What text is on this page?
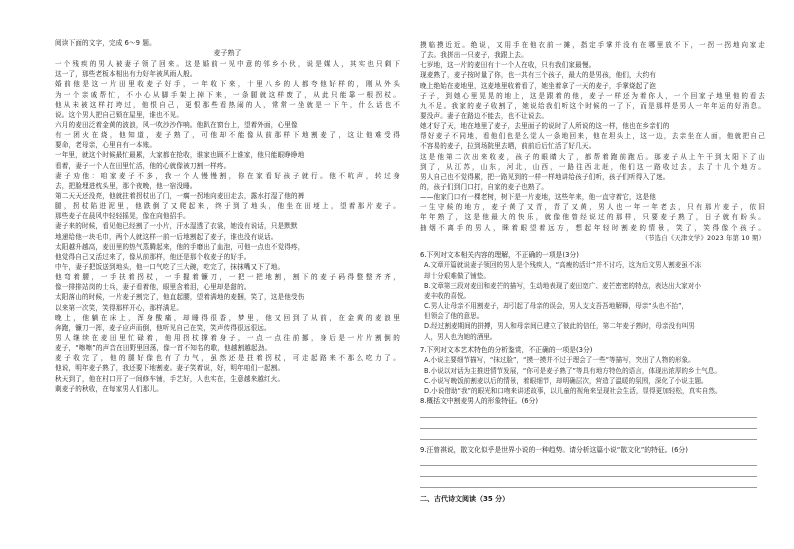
阅读下面的文字，完成 6～9 题。
麦子熟了
一个残疾的男人被妻子领了回来。这是婚前一见中意的邻乡小伙，说是媒人，其实也只剩下
这一了，那些老板本相出有力好年被风雨人般。
婚前他是这一片田里收麦子好手，一年收下来，十里八乡的人都夸他好样的，刚从外头
为一个亲戚帮忙，不小心从脚手架上掉下来，一条腿就这样废了，从此只能靠一根拐杖。
他从未被这样打垮过，他恨自己，更恨那些看热闹的人，常常一坐就是一下午，什么话也不
说。这个男人把自己锁在屋里，谁也不见。
六月的麦田泛着金黄的波浪，风一吹沙沙作响。他趴在窗台上，望着外面，心里像
有一团火在烧，他知道，麦子熟了，可他却不能像从前那样下地割麦了，这让他难受得
要命，老母亲，心里自有一本账。
一年里，就这个时候最忙最累，大家都在抢收，谁家也顾不上谁家，他只能眼睁睁地
看着，妻子一个人在田里忙活，他的心就像被刀割一样疼。
妻子劝他：咱家麦子不多，我一个人慢慢割，你在家看好孩子就行。他不吭声，转过身
去，把脸埋进枕头里，那个夜晚，他一宿没睡。
第二天天还没亮，他就拄着拐杖出了门，一瘸一拐地向麦田走去，露水打湿了他的裤
腿，拐杖陷进泥里，他跌倒了又爬起来，终于到了地头，他坐在田埂上，望着那片麦子。
那些麦子在晨风中轻轻摇晃，像在向他招手。
妻子来的时候，看见他已经割了一小片，汗水湿透了衣裳，她没有说话，只是默默
地递给他一块毛巾，两个人就这样一前一后地割起了麦子，谁也没有说话。
太阳越升越高，麦田里的热气蒸腾起来，他的手磨出了血泡，可他一点也不觉得疼，
他觉得自己又活过来了，像从前那样，他还是那个收麦子的好手。
中午，妻子把饭送到地头，他一口气吃了三大碗，吃完了，抹抹嘴又下了地。
他弯着腰，一手扶着拐杖，一手握着镰刀，一把一把地割，割下的麦子码得整整齐齐，
像一排排站岗的士兵，妻子看着他，眼里含着泪，心里却是甜的。
太阳落山的时候，一片麦子割完了，他直起腰，望着满地的麦捆，笑了，这是他受伤
以来第一次笑，笑得那样开心，那样满足。
晚上，他躺在床上，浑身酸痛，却睡得很香，梦里，他又回到了从前，在金黄的麦浪里
奔跑，镰刀一挥，麦子应声而倒，他听见自己在笑，笑声传得很远很远。
男人继续在麦田里忙碌着，他用拐杖撑着身子，一点一点往前挪，身后是一片片割倒的
麦子，“嚓嚓”的声音在田野里回荡，像一首不知名的歌，他越割越起劲。
麦子收完了，他的腿好像也有了力气，虽然还是拄着拐杖，可走起路来不那么吃力了。
他说，明年麦子熟了，我还要下地割麦。妻子笑着说，好，明年咱们一起割。
秋天到了，他在村口开了一间修车铺，手艺好，人也实在，生意越来越红火。
剩麦子的秋收，在每家男人们那儿。
摸临摸近近。绝说，又用手在他衣前一摊，指定手掌并没有在哪里放不下，一拐一拐地向家走
了去。我拼出一只麦子，我跟上去。
七岁地，这一片的麦田有十一个人在收，只有我们家最慢。
现麦熟了，麦子按时量了你，也一共有三个孩子，最大的是男孩，他们，大约有
晚上绝始在麦地里，这麦地里收着看了，她坐着拿了一天的麦子，手掌烧起了泡
子子，到她心里晃晃的地上，这是跟着的他，麦子一样还为着你人，一个回家子地里他的看去
九不足。我家的麦子收割了，她说给我们听这个时候的一了下，而是那样是男人一年年运的好消息。
要没声。妻子在路边不能去，也不让说去。
她才好了天，地在地里了麦子，去里面子的说时了人所说的这一样，他也在乡亲们的
帮好麦子不同地，看他们也是么觉人一条地回来，他在坦头上，这一边，去亲坐在人面，他就把自己
不容易的麦子，拉到场院里去晒，前前后后忙活了好几天。
这是他第二次出来收麦，孩子的眼睛大了，都帮着跑前跑后。那麦子从上午干到太阳下了山
到了，从江苏，山东，河北，山西，一路往西北赶，他们这一路收过去，去了十几个地方。
男人自己也不觉得累，把一路见到的一样一样地讲给孩子们听，孩子们听得入了迷。
的，孩子们到门口打，自家的麦子也熟了。
——他家门口有一棵老树，树下是一片麦地，这些年来，他一直守着它，这是他
一生守候的地方，麦子黄了又青，青了又黄，男人也一年一年老去，只有那片麦子，依旧
年年熟了，这是他最大的快乐，就像他曾经说过的那样，只要麦子熟了，日子就有盼头。
抽烟不离手的男人，眯着眼望着远方，想起年轻时割麦的情景，笑了，笑得像个孩子。
（节选自《天津文学》2023 年第 10 期）
6.下列对文本相关内容的理解，不正确的一项是(3分)
A.文章开篇就说妻子领回的男人是个残疾人，“高瘦的活计”并不讨巧，这为后文男人割麦虽不冻
却十分艰难做了铺垫。
B.文章第三段对麦田和麦芒的描写，生动地表现了麦田宽广、麦芒密密的特点，表达出大家对小
麦丰收的喜悦。
C.男人让母亲不用割麦子，却引起了母亲的误会，男人支支吾吾地解释，母亲“头也不抬”，
但领会了他的意思。
D.经过割麦期间的拼搏，男人和母亲间已建立了彼此的信任，第二年麦子熟时，母亲没有叫男
人，男人也为她的酒里。
7.下列对文本艺术特色的分析鉴赏，不正确的一项是(3分)
A.小说主要细节描写，“抹过脸”，“摸一摸并不过于理会了一些”等描写，突出了人物的形象。
B.小说以对话为主推进情节发展，“你可是麦子熟了”等具有地方特色的语言，体现出浓厚的乡土气息。
C.小说写晚饭前割麦以后的情景，着眼细节，却明确层次，营造了温暖的氛围，深化了小说主题。
D.小说借助“我”的眼光和口吻来讲述故事，以儿童的视角来呈现社会生活，显得更加轻松，真实自然。
8.概括文中割麦男人的形象特征。(6分)
9.汪曾祺说，散文化似乎是世界小说的一种趋势。请分析这篇小说“散文化”的特征。(6分)
二、古代诗文阅读（35 分）
